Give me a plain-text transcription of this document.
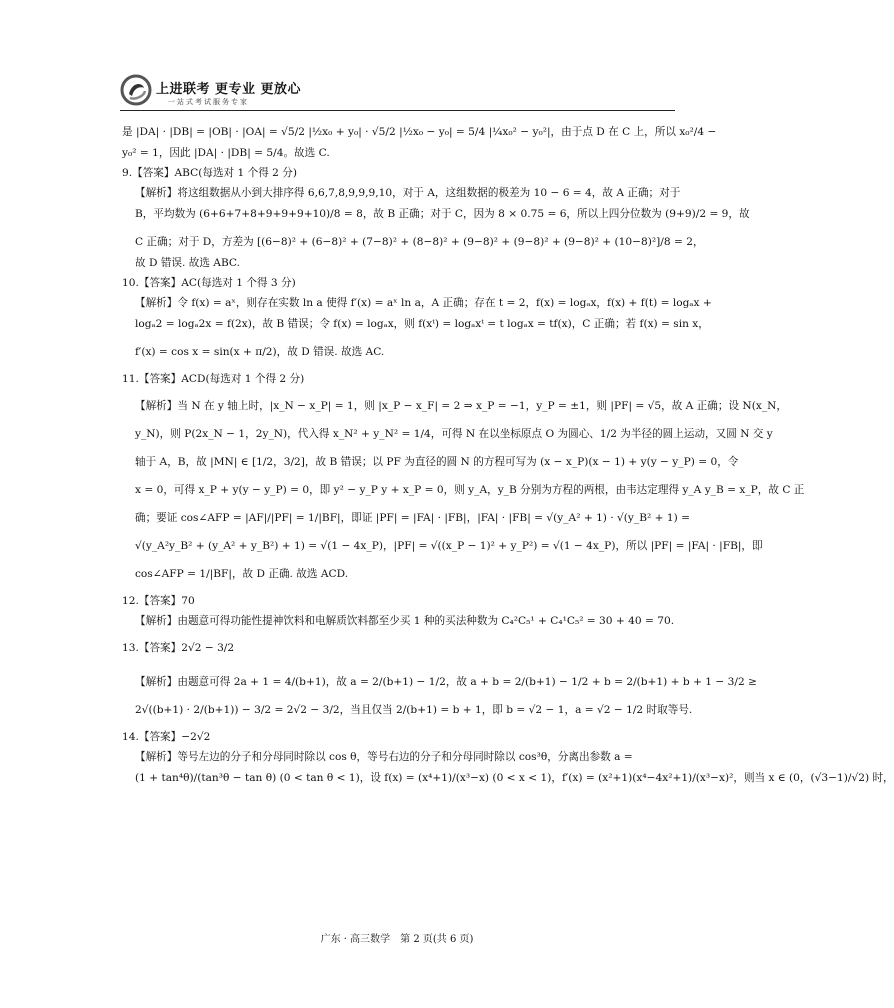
上进联考 更专业 更放心
一站式考试服务专家
是 |DA| · |DB| = |OB| · |OA| = √5/2 |½x₀ + y₀| · √5/2 |½x₀ − y₀| = 5/4 |¼x₀² − y₀²|，由于点 D 在 C 上，所以 x₀²/4 −
y₀² = 1，因此 |DA| · |DB| = 5/4。故选 C.
9.【答案】ABC(每选对 1 个得 2 分)
【解析】将这组数据从小到大排序得 6,6,7,8,9,9,9,10，对于 A，这组数据的极差为 10 − 6 = 4，故 A 正确；对于
B，平均数为 (6+6+7+8+9+9+9+10)/8 = 8，故 B 正确；对于 C，因为 8 × 0.75 = 6，所以上四分位数为 (9+9)/2 = 9，故
C 正确；对于 D，方差为 [(6−8)² + (6−8)² + (7−8)² + (8−8)² + (9−8)² + (9−8)² + (9−8)² + (10−8)²]/8 = 2，
故 D 错误. 故选 ABC.
10.【答案】AC(每选对 1 个得 3 分)
【解析】令 f(x) = aˣ，则存在实数 ln a 使得 f′(x) = aˣ ln a，A 正确；存在 t = 2，f(x) = logₐx，f(x) + f(t) = logₐx +
logₐ2 = logₐ2x = f(2x)，故 B 错误；令 f(x) = logₐx，则 f(xᵗ) = logₐxᵗ = t logₐx = tf(x)，C 正确；若 f(x) = sin x，
f′(x) = cos x = sin(x + π/2)，故 D 错误. 故选 AC.
11.【答案】ACD(每选对 1 个得 2 分)
【解析】当 N 在 y 轴上时，|x_N − x_P| = 1，则 |x_P − x_F| = 2 ⇒ x_P = −1，y_P = ±1，则 |PF| = √5，故 A 正确；设 N(x_N，
y_N)，则 P(2x_N − 1，2y_N)，代入得 x_N² + y_N² = 1/4，可得 N 在以坐标原点 O 为圆心、1/2 为半径的圆上运动，又圆 N 交 y
轴于 A，B，故 |MN| ∈ [1/2，3/2]，故 B 错误；以 PF 为直径的圆 N 的方程可写为 (x − x_P)(x − 1) + y(y − y_P) = 0，令
x = 0，可得 x_P + y(y − y_P) = 0，即 y² − y_P y + x_P = 0，则 y_A，y_B 分别为方程的两根，由韦达定理得 y_A y_B = x_P，故 C 正
确；要证 cos∠AFP = |AF|/|PF| = 1/|BF|，即证 |PF| = |FA| · |FB|，|FA| · |FB| = √(y_A² + 1) · √(y_B² + 1) =
√(y_A²y_B² + (y_A² + y_B²) + 1) = √(1 − 4x_P)，|PF| = √((x_P − 1)² + y_P²) = √(1 − 4x_P)，所以 |PF| = |FA| · |FB|，即
cos∠AFP = 1/|BF|，故 D 正确. 故选 ACD.
12.【答案】70
【解析】由题意可得功能性提神饮料和电解质饮料都至少买 1 种的买法种数为 C₄²C₅¹ + C₄¹C₅² = 30 + 40 = 70.
13.【答案】2√2 − 3/2
【解析】由题意可得 2a + 1 = 4/(b+1)，故 a = 2/(b+1) − 1/2，故 a + b = 2/(b+1) − 1/2 + b = 2/(b+1) + b + 1 − 3/2 ≥
2√((b+1) · 2/(b+1)) − 3/2 = 2√2 − 3/2，当且仅当 2/(b+1) = b + 1，即 b = √2 − 1，a = √2 − 1/2 时取等号.
14.【答案】−2√2
【解析】等号左边的分子和分母同时除以 cos θ，等号右边的分子和分母同时除以 cos³θ，分离出参数 a =
(1 + tan⁴θ)/(tan³θ − tan θ) (0 < tan θ < 1)，设 f(x) = (x⁴+1)/(x³−x) (0 < x < 1)，f′(x) = (x²+1)(x⁴−4x²+1)/(x³−x)²，则当 x ∈ (0，(√3−1)/√2) 时，
广东 · 高三数学　第 2 页(共 6 页)
